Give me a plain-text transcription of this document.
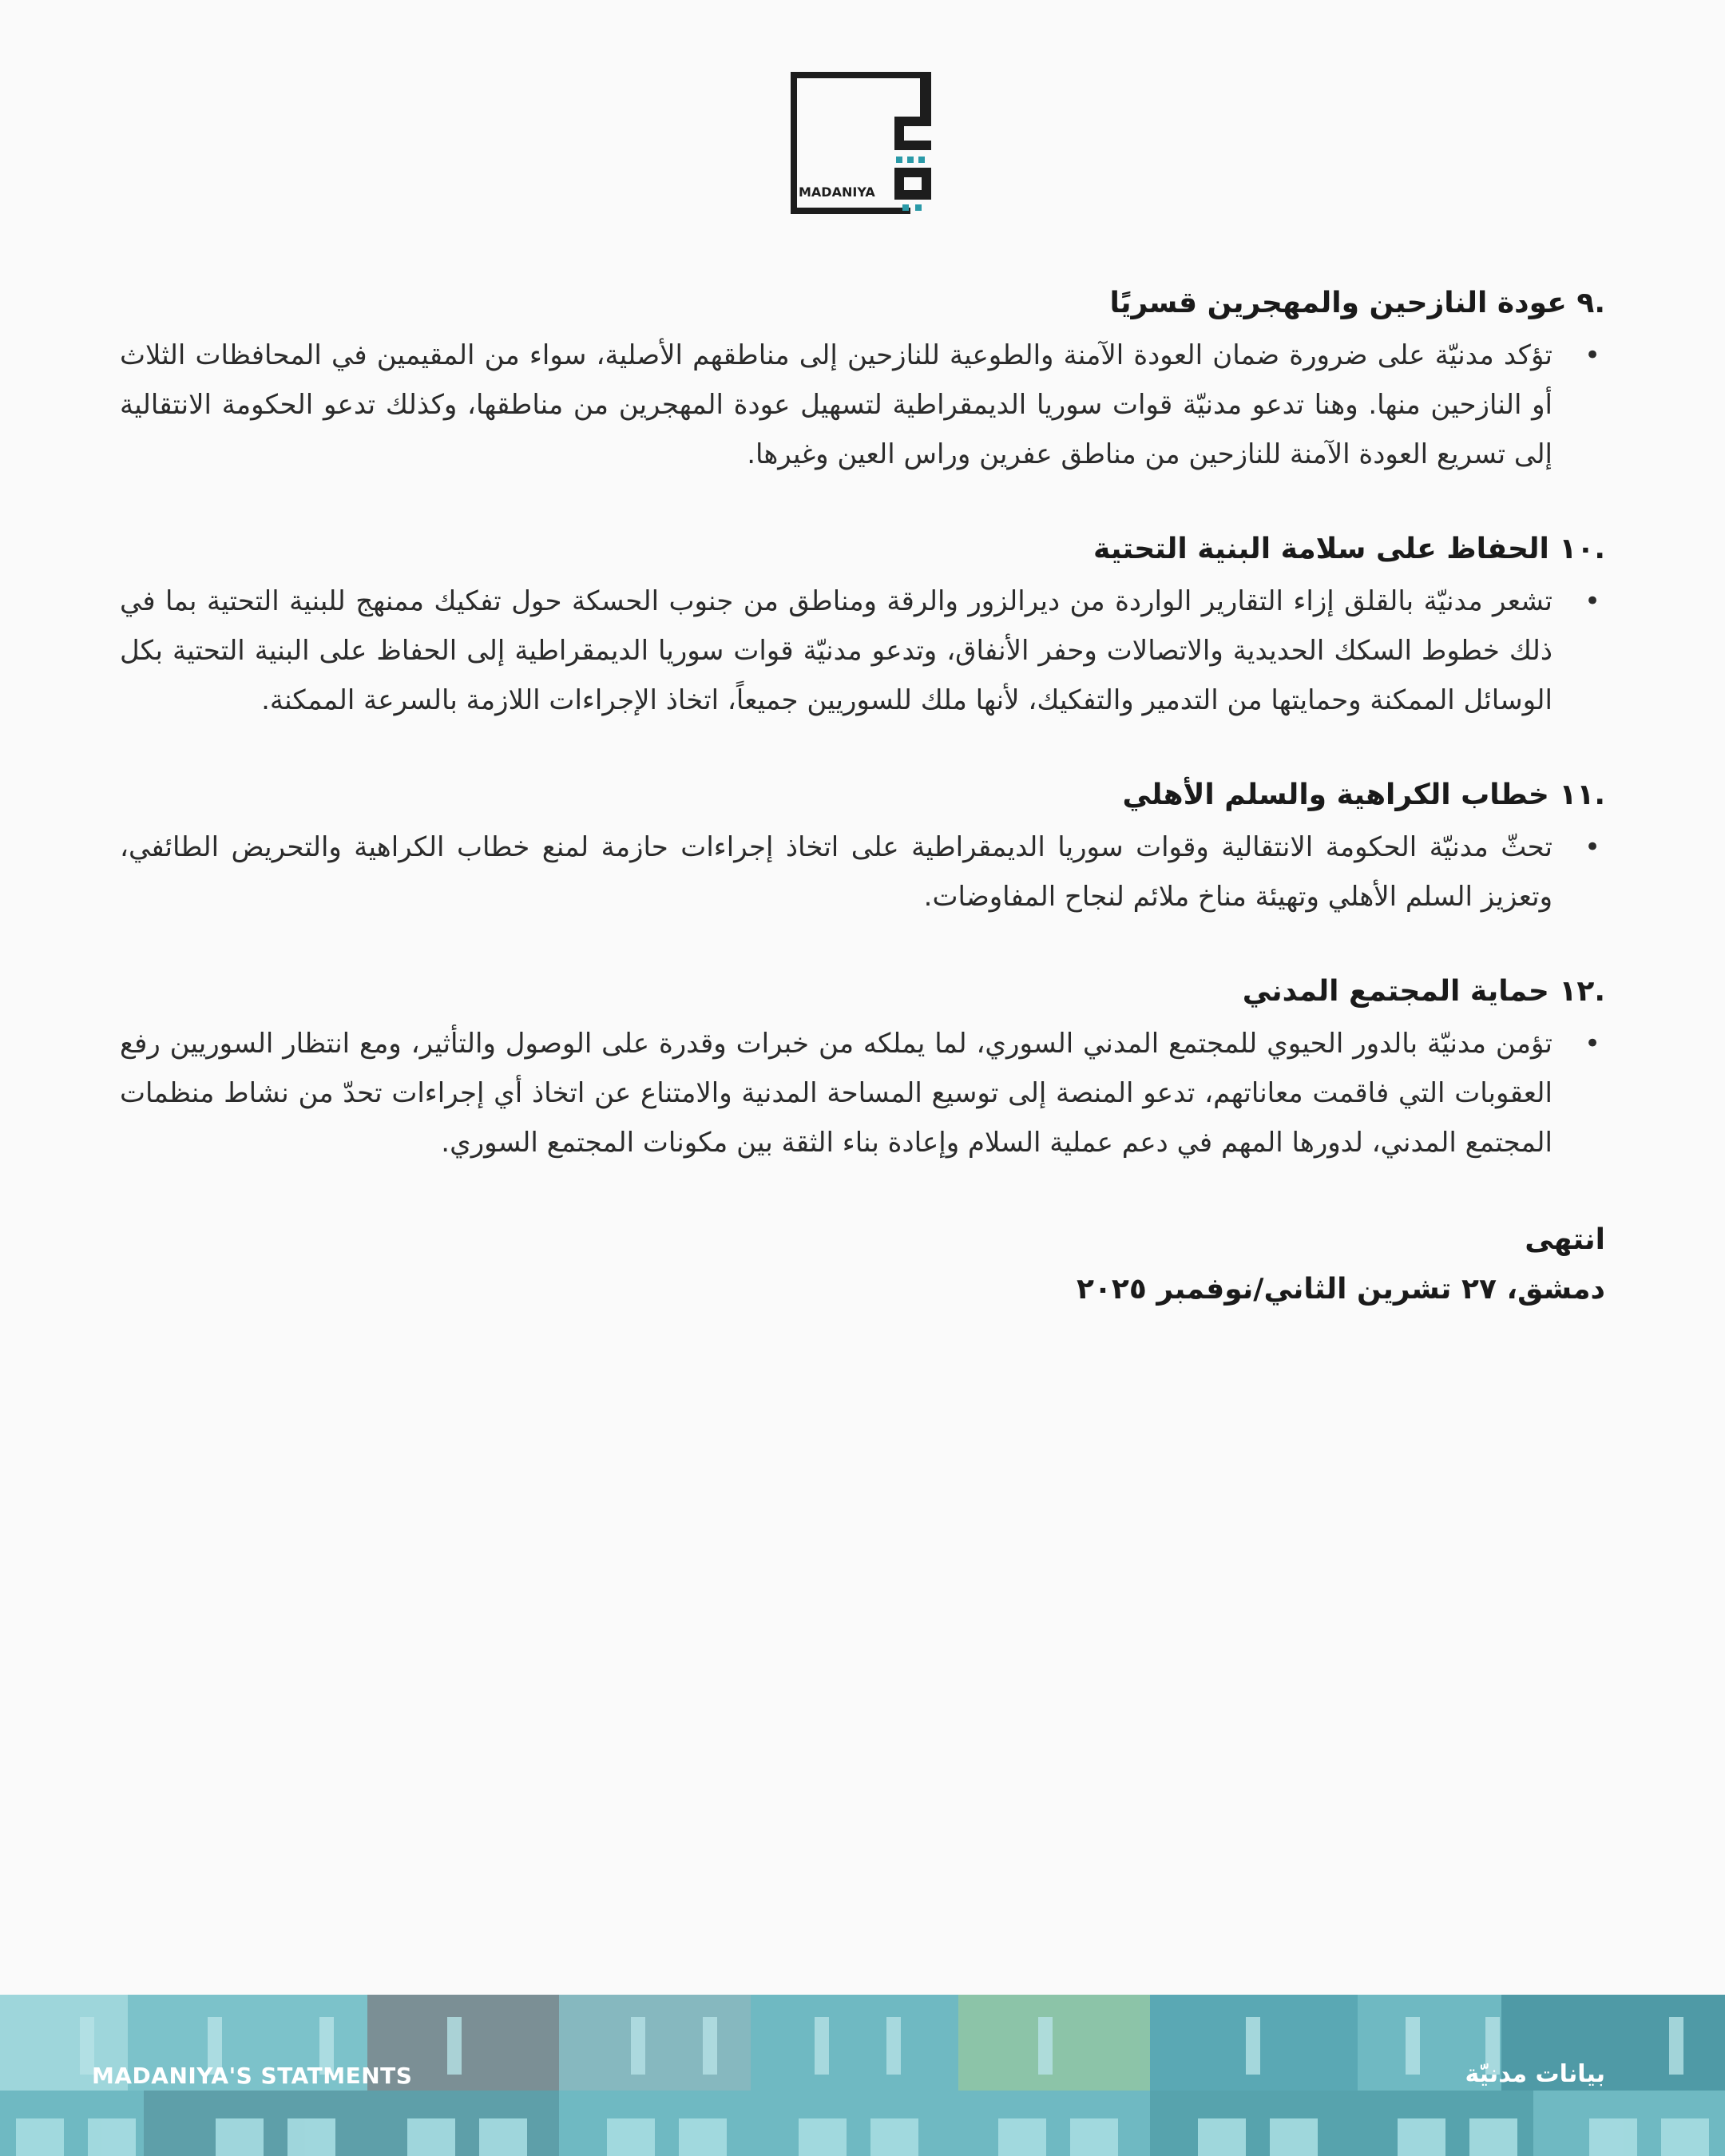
MADANIYA
.٩ عودة النازحين والمهجرين قسريًا

• تؤكد مدنيّة على ضرورة ضمان العودة الآمنة والطوعية للنازحين إلى مناطقهم الأصلية، سواء من المقيمين في المحافظات الثلاث أو النازحين منها. وهنا تدعو مدنيّة قوات سوريا الديمقراطية لتسهيل عودة المهجرين من مناطقها، وكذلك تدعو الحكومة الانتقالية إلى تسريع العودة الآمنة للنازحين من مناطق عفرين وراس العين وغيرها.

.١٠ الحفاظ على سلامة البنية التحتية

• تشعر مدنيّة بالقلق إزاء التقارير الواردة من ديرالزور والرقة ومناطق من جنوب الحسكة حول تفكيك ممنهج للبنية التحتية بما في ذلك خطوط السكك الحديدية والاتصالات وحفر الأنفاق، وتدعو مدنيّة قوات سوريا الديمقراطية إلى الحفاظ على البنية التحتية بكل الوسائل الممكنة وحمايتها من التدمير والتفكيك، لأنها ملك للسوريين جميعاً، اتخاذ الإجراءات اللازمة بالسرعة الممكنة.

.١١ خطاب الكراهية والسلم الأهلي

• تحثّ مدنيّة الحكومة الانتقالية وقوات سوريا الديمقراطية على اتخاذ إجراءات حازمة لمنع خطاب الكراهية والتحريض الطائفي، وتعزيز السلم الأهلي وتهيئة مناخ ملائم لنجاح المفاوضات.

.١٢ حماية المجتمع المدني

• تؤمن مدنيّة بالدور الحيوي للمجتمع المدني السوري، لما يملكه من خبرات وقدرة على الوصول والتأثير، ومع انتظار السوريين رفع العقوبات التي فاقمت معاناتهم، تدعو المنصة إلى توسيع المساحة المدنية والامتناع عن اتخاذ أي إجراءات تحدّ من نشاط منظمات المجتمع المدني، لدورها المهم في دعم عملية السلام وإعادة بناء الثقة بين مكونات المجتمع السوري.

انتهى
دمشق، ٢٧ تشرين الثاني/نوفمبر ٢٠٢٥
MADANIYA'S STATMENTS	بيانات مدنيّة
